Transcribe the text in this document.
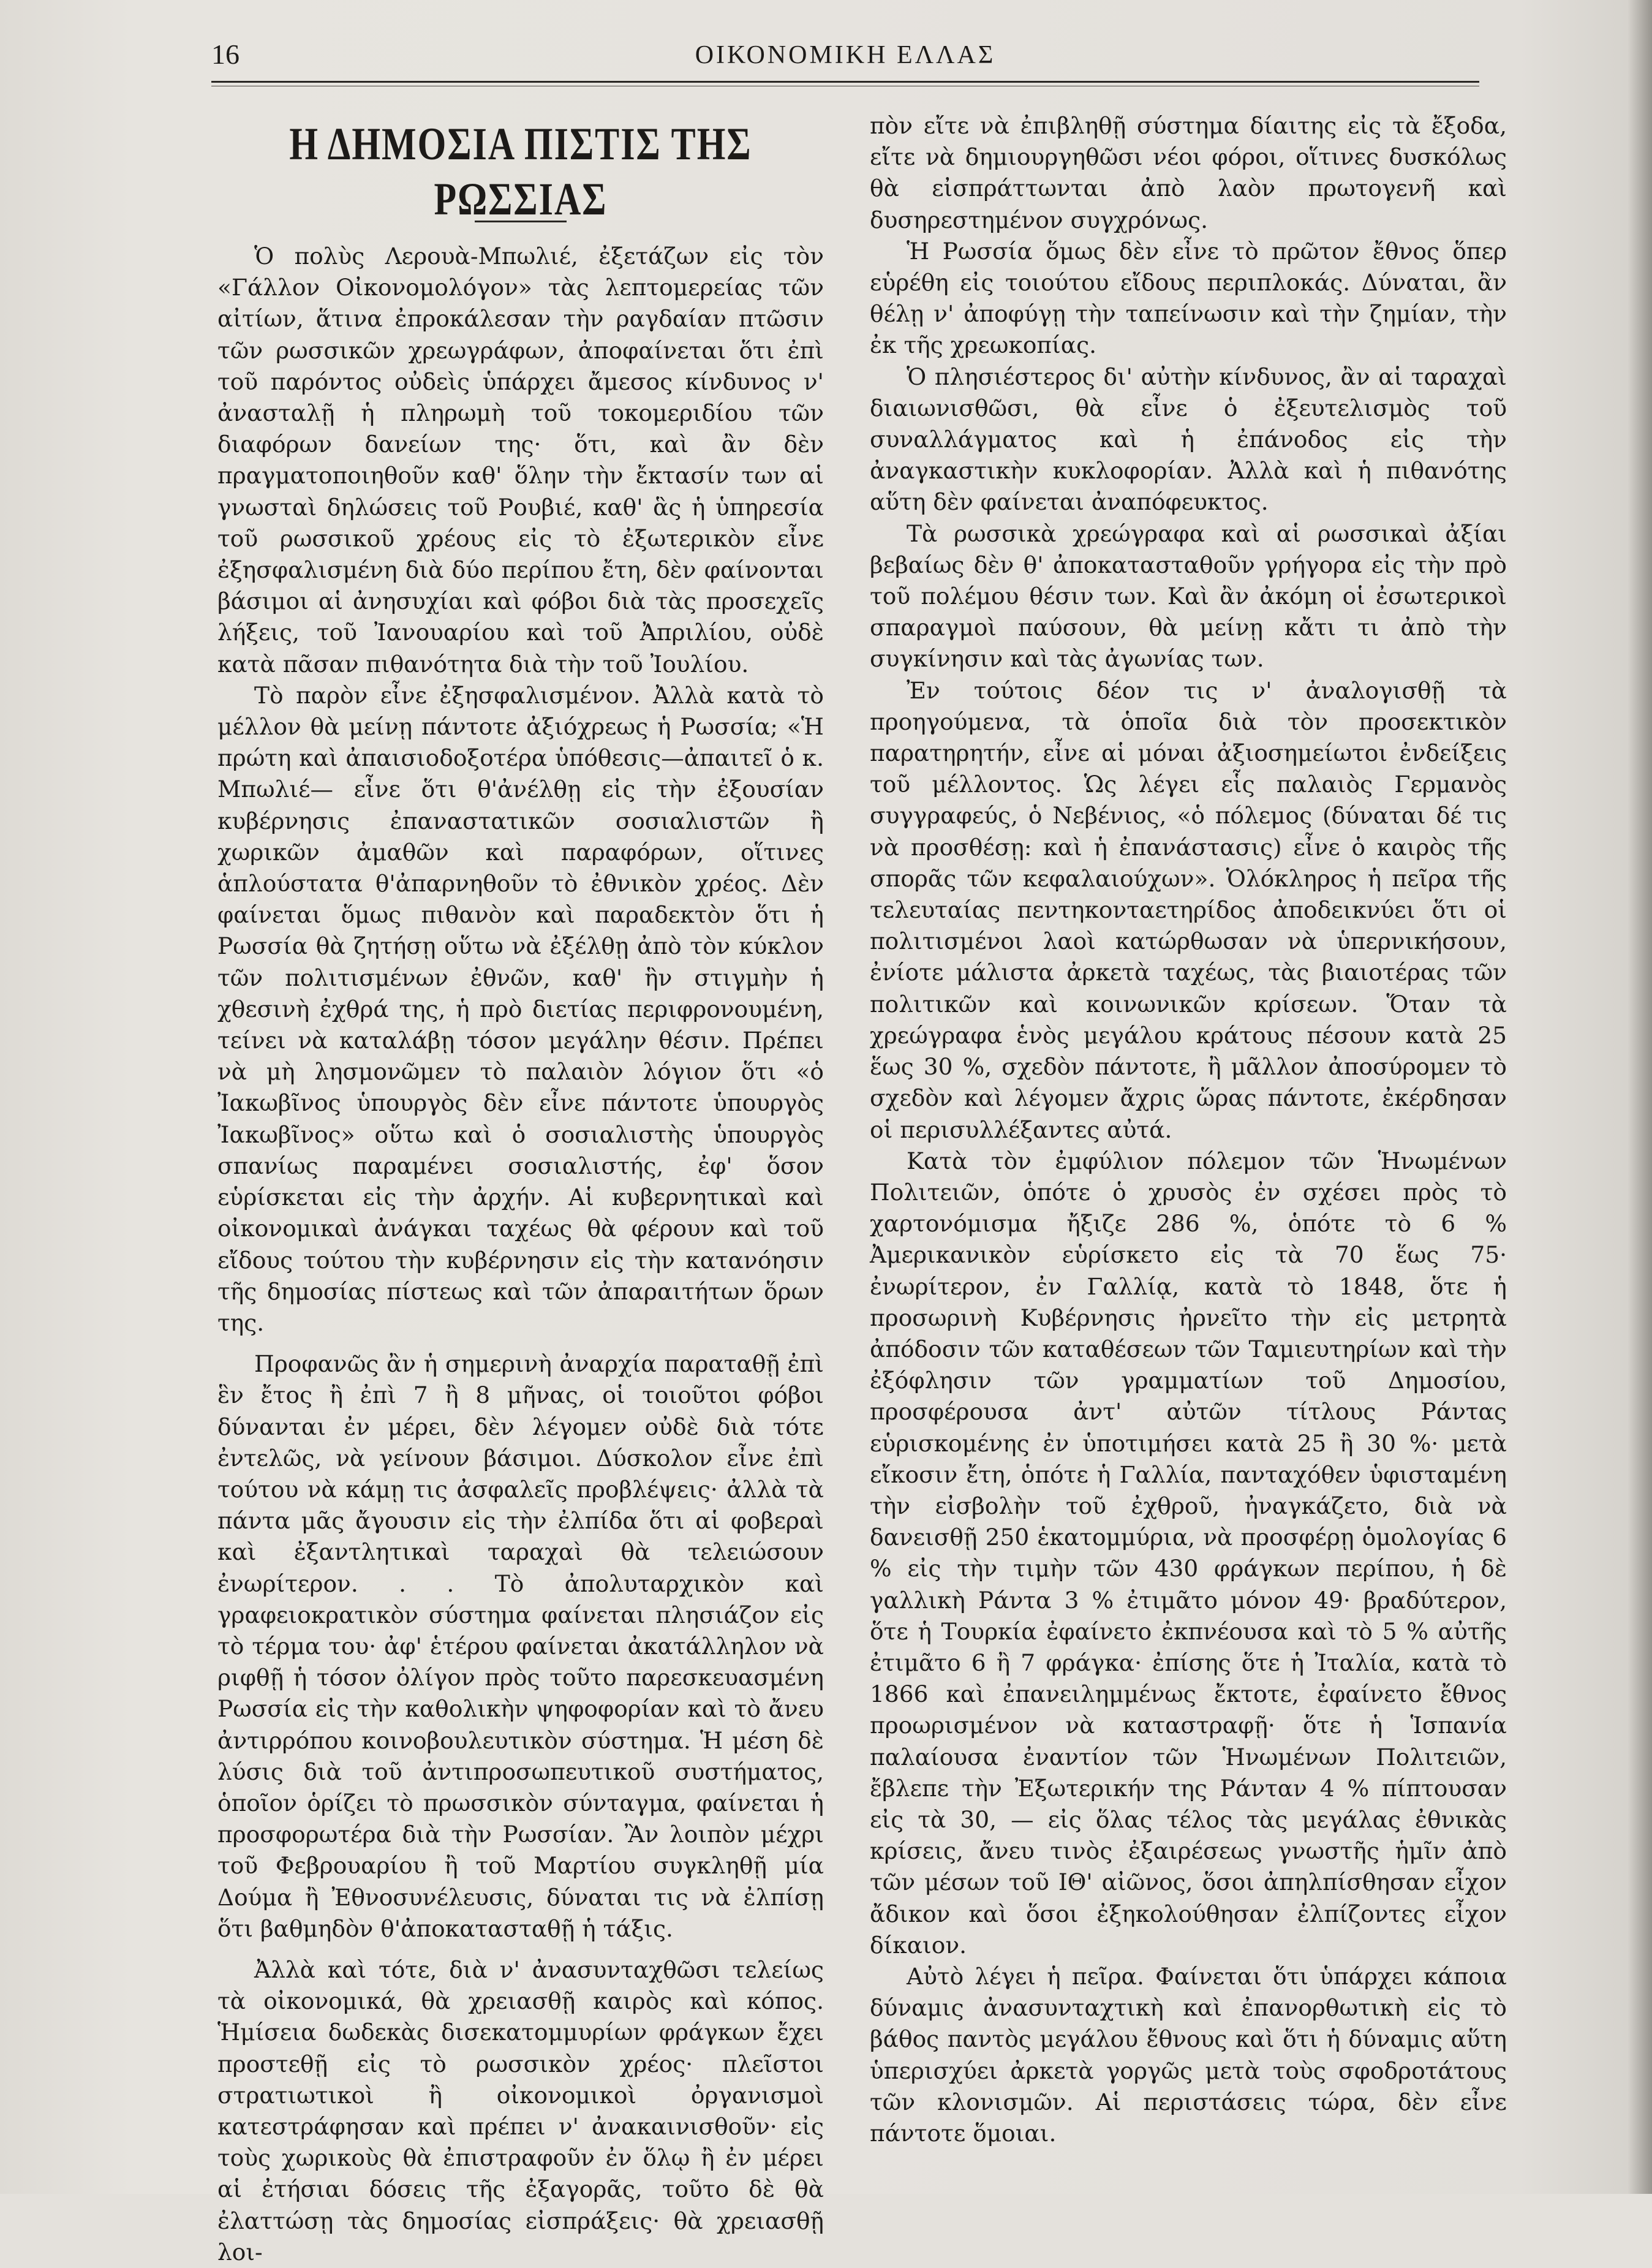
16	ΟΙΚΟΝΟΜΙΚΗ ΕΛΛΑΣ
Η ΔΗΜΟΣΙΑ ΠΙΣΤΙΣ ΤΗΣ ΡΩΣΣΙΑΣ

Ὁ πολὺς Λερουὰ-Μπωλιέ, ἐξετάζων εἰς τὸν «Γάλλον Οἰκονομολόγον» τὰς λεπτομερείας τῶν αἰτίων, ἅτινα ἐπροκάλεσαν τὴν ραγδαίαν πτῶσιν τῶν ρωσσικῶν χρεωγράφων, ἀποφαίνεται ὅτι ἐπὶ τοῦ παρόντος οὐδεὶς ὑπάρχει ἄμεσος κίνδυνος ν' ἀνασταλῇ ἡ πληρωμὴ τοῦ τοκομεριδίου τῶν διαφόρων δανείων της· ὅτι, καὶ ἂν δὲν πραγματοποιηθοῦν καθ' ὅλην τὴν ἔκτασίν των αἱ γνωσταὶ δηλώσεις τοῦ Ρουβιέ, καθ' ἃς ἡ ὑπηρεσία τοῦ ρωσσικοῦ χρέους εἰς τὸ ἐξωτερικὸν εἶνε ἐξησφαλισμένη διὰ δύο περίπου ἔτη, δὲν φαίνονται βάσιμοι αἱ ἀνησυχίαι καὶ φόβοι διὰ τὰς προσεχεῖς λήξεις, τοῦ Ἰανουαρίου καὶ τοῦ Ἀπριλίου, οὐδὲ κατὰ πᾶσαν πιθανότητα διὰ τὴν τοῦ Ἰουλίου.

Τὸ παρὸν εἶνε ἐξησφαλισμένον. Ἀλλὰ κατὰ τὸ μέλλον θὰ μείνῃ πάντοτε ἀξιόχρεως ἡ Ρωσσία; «Ἡ πρώτη καὶ ἀπαισιοδοξοτέρα ὑπόθεσις—ἀπαιτεῖ ὁ κ. Μπωλιέ— εἶνε ὅτι θ'ἀνέλθῃ εἰς τὴν ἐξουσίαν κυβέρνησις ἐπαναστατικῶν σοσιαλιστῶν ἢ χωρικῶν ἀμαθῶν καὶ παραφόρων, οἵτινες ἁπλούστατα θ'ἀπαρνηθοῦν τὸ ἐθνικὸν χρέος. Δὲν φαίνεται ὅμως πιθανὸν καὶ παραδεκτὸν ὅτι ἡ Ρωσσία θὰ ζητήσῃ οὕτω νὰ ἐξέλθῃ ἀπὸ τὸν κύκλον τῶν πολιτισμένων ἐθνῶν, καθ' ἣν στιγμὴν ἡ χθεσινὴ ἐχθρά της, ἡ πρὸ διετίας περιφρονουμένη, τείνει νὰ καταλάβῃ τόσον μεγάλην θέσιν. Πρέπει νὰ μὴ λησμονῶμεν τὸ παλαιὸν λόγιον ὅτι «ὁ Ἰακωβῖνος ὑπουργὸς δὲν εἶνε πάντοτε ὑπουργὸς Ἰακωβῖνος» οὕτω καὶ ὁ σοσιαλιστὴς ὑπουργὸς σπανίως παραμένει σοσιαλιστής, ἐφ' ὅσον εὑρίσκεται εἰς τὴν ἀρχήν. Αἱ κυβερνητικαὶ καὶ οἰκονομικαὶ ἀνάγκαι ταχέως θὰ φέρουν καὶ τοῦ εἴδους τούτου τὴν κυβέρνησιν εἰς τὴν κατανόησιν τῆς δημοσίας πίστεως καὶ τῶν ἀπαραιτήτων ὅρων της.

Προφανῶς ἂν ἡ σημερινὴ ἀναρχία παραταθῇ ἐπὶ ἓν ἔτος ἢ ἐπὶ 7 ἢ 8 μῆνας, οἱ τοιοῦτοι φόβοι δύνανται ἐν μέρει, δὲν λέγομεν οὐδὲ διὰ τότε ἐντελῶς, νὰ γείνουν βάσιμοι. Δύσκολον εἶνε ἐπὶ τούτου νὰ κάμῃ τις ἀσφαλεῖς προβλέψεις· ἀλλὰ τὰ πάντα μᾶς ἄγουσιν εἰς τὴν ἐλπίδα ὅτι αἱ φοβεραὶ καὶ ἐξαντλητικαὶ ταραχαὶ θὰ τελειώσουν ἐνωρίτερον. . . Τὸ ἀπολυταρχικὸν καὶ γραφειοκρατικὸν σύστημα φαίνεται πλησιάζον εἰς τὸ τέρμα του· ἀφ' ἑτέρου φαίνεται ἀκατάλληλον νὰ ριφθῇ ἡ τόσον ὀλίγον πρὸς τοῦτο παρεσκευασμένη Ρωσσία εἰς τὴν καθολικὴν ψηφοφορίαν καὶ τὸ ἄνευ ἀντιρρόπου κοινοβουλευτικὸν σύστημα. Ἡ μέση δὲ λύσις διὰ τοῦ ἀντιπροσωπευτικοῦ συστήματος, ὁποῖον ὁρίζει τὸ πρωσσικὸν σύνταγμα, φαίνεται ἡ προσφορωτέρα διὰ τὴν Ρωσσίαν. Ἂν λοιπὸν μέχρι τοῦ Φεβρουαρίου ἢ τοῦ Μαρτίου συγκληθῇ μία Δούμα ἢ Ἐθνοσυνέλευσις, δύναται τις νὰ ἐλπίσῃ ὅτι βαθμηδὸν θ'ἀποκατασταθῇ ἡ τάξις.

Ἀλλὰ καὶ τότε, διὰ ν' ἀνασυνταχθῶσι τελείως τὰ οἰκονομικά, θὰ χρειασθῇ καιρὸς καὶ κόπος. Ἡμίσεια δωδεκὰς δισεκατομμυρίων φράγκων ἔχει προστεθῇ εἰς τὸ ρωσσικὸν χρέος· πλεῖστοι στρατιωτικοὶ ἢ οἰκονομικοὶ ὀργανισμοὶ κατεστράφησαν καὶ πρέπει ν' ἀνακαινισθοῦν· εἰς τοὺς χωρικοὺς θὰ ἐπιστραφοῦν ἐν ὅλῳ ἢ ἐν μέρει αἱ ἐτήσιαι δόσεις τῆς ἐξαγορᾶς, τοῦτο δὲ θὰ ἐλαττώσῃ τὰς δημοσίας εἰσπράξεις· θὰ χρειασθῇ λοι-

πὸν εἴτε νὰ ἐπιβληθῇ σύστημα δίαιτης εἰς τὰ ἔξοδα, εἴτε νὰ δημιουργηθῶσι νέοι φόροι, οἵτινες δυσκόλως θὰ εἰσπράττωνται ἀπὸ λαὸν πρωτογενῆ καὶ δυσηρεστημένον συγχρόνως.

Ἡ Ρωσσία ὅμως δὲν εἶνε τὸ πρῶτον ἔθνος ὅπερ εὑρέθη εἰς τοιούτου εἴδους περιπλοκάς. Δύναται, ἂν θέλῃ ν' ἀποφύγῃ τὴν ταπείνωσιν καὶ τὴν ζημίαν, τὴν ἐκ τῆς χρεωκοπίας.

Ὁ πλησιέστερος δι' αὐτὴν κίνδυνος, ἂν αἱ ταραχαὶ διαιωνισθῶσι, θὰ εἶνε ὁ ἐξευτελισμὸς τοῦ συναλλάγματος καὶ ἡ ἐπάνοδος εἰς τὴν ἀναγκαστικὴν κυκλοφορίαν. Ἀλλὰ καὶ ἡ πιθανότης αὕτη δὲν φαίνεται ἀναπόφευκτος.

Τὰ ρωσσικὰ χρεώγραφα καὶ αἱ ρωσσικαὶ ἀξίαι βεβαίως δὲν θ' ἀποκατασταθοῦν γρήγορα εἰς τὴν πρὸ τοῦ πολέμου θέσιν των. Καὶ ἂν ἀκόμη οἱ ἐσωτερικοὶ σπαραγμοὶ παύσουν, θὰ μείνῃ κἄτι τι ἀπὸ τὴν συγκίνησιν καὶ τὰς ἀγωνίας των.

Ἐν τούτοις δέον τις ν' ἀναλογισθῇ τὰ προηγούμενα, τὰ ὁποῖα διὰ τὸν προσεκτικὸν παρατηρητήν, εἶνε αἱ μόναι ἀξιοσημείωτοι ἐνδείξεις τοῦ μέλλοντος. Ὡς λέγει εἷς παλαιὸς Γερμανὸς συγγραφεύς, ὁ Νεβένιος, «ὁ πόλεμος (δύναται δέ τις νὰ προσθέσῃ: καὶ ἡ ἐπανάστασις) εἶνε ὁ καιρὸς τῆς σπορᾶς τῶν κεφαλαιούχων». Ὁλόκληρος ἡ πεῖρα τῆς τελευταίας πεντηκονταετηρίδος ἀποδεικνύει ὅτι οἱ πολιτισμένοι λαοὶ κατώρθωσαν νὰ ὑπερνικήσουν, ἐνίοτε μάλιστα ἀρκετὰ ταχέως, τὰς βιαιοτέρας τῶν πολιτικῶν καὶ κοινωνικῶν κρίσεων. Ὅταν τὰ χρεώγραφα ἑνὸς μεγάλου κράτους πέσουν κατὰ 25 ἕως 30 %, σχεδὸν πάντοτε, ἢ μᾶλλον ἀποσύρομεν τὸ σχεδὸν καὶ λέγομεν ἄχρις ὥρας πάντοτε, ἐκέρδησαν οἱ περισυλλέξαντες αὐτά.

Κατὰ τὸν ἐμφύλιον πόλεμον τῶν Ἡνωμένων Πολιτειῶν, ὁπότε ὁ χρυσὸς ἐν σχέσει πρὸς τὸ χαρτονόμισμα ἤξιζε 286 %, ὁπότε τὸ 6 % Ἀμερικανικὸν εὑρίσκετο εἰς τὰ 70 ἕως 75· ἐνωρίτερον, ἐν Γαλλίᾳ, κατὰ τὸ 1848, ὅτε ἡ προσωρινὴ Κυβέρνησις ἠρνεῖτο τὴν εἰς μετρητὰ ἀπόδοσιν τῶν καταθέσεων τῶν Ταμιευτηρίων καὶ τὴν ἐξόφλησιν τῶν γραμματίων τοῦ Δημοσίου, προσφέρουσα ἀντ' αὐτῶν τίτλους Ράντας εὑρισκομένης ἐν ὑποτιμήσει κατὰ 25 ἢ 30 %· μετὰ εἴκοσιν ἔτη, ὁπότε ἡ Γαλλία, πανταχόθεν ὑφισταμένη τὴν εἰσβολὴν τοῦ ἐχθροῦ, ἠναγκάζετο, διὰ νὰ δανεισθῇ 250 ἑκατομμύρια, νὰ προσφέρῃ ὁμολογίας 6 % εἰς τὴν τιμὴν τῶν 430 φράγκων περίπου, ἡ δὲ γαλλικὴ Ράντα 3 % ἐτιμᾶτο μόνον 49· βραδύτερον, ὅτε ἡ Τουρκία ἐφαίνετο ἐκπνέουσα καὶ τὸ 5 % αὐτῆς ἐτιμᾶτο 6 ἢ 7 φράγκα· ἐπίσης ὅτε ἡ Ἰταλία, κατὰ τὸ 1866 καὶ ἐπανειλημμένως ἔκτοτε, ἐφαίνετο ἔθνος προωρισμένον νὰ καταστραφῇ· ὅτε ἡ Ἱσπανία παλαίουσα ἐναντίον τῶν Ἡνωμένων Πολιτειῶν, ἔβλεπε τὴν Ἐξωτερικήν της Ράνταν 4 % πίπτουσαν εἰς τὰ 30, — εἰς ὅλας τέλος τὰς μεγάλας ἐθνικὰς κρίσεις, ἄνευ τινὸς ἐξαιρέσεως γνωστῆς ἡμῖν ἀπὸ τῶν μέσων τοῦ ΙΘ' αἰῶνος, ὅσοι ἀπηλπίσθησαν εἶχον ἄδικον καὶ ὅσοι ἐξηκολούθησαν ἐλπίζοντες εἶχον δίκαιον.

Αὐτὸ λέγει ἡ πεῖρα. Φαίνεται ὅτι ὑπάρχει κάποια δύναμις ἀνασυνταχτικὴ καὶ ἐπανορθωτικὴ εἰς τὸ βάθος παντὸς μεγάλου ἔθνους καὶ ὅτι ἡ δύναμις αὕτη ὑπερισχύει ἀρκετὰ γοργῶς μετὰ τοὺς σφοδροτάτους τῶν κλονισμῶν. Αἱ περιστάσεις τώρα, δὲν εἶνε πάντοτε ὅμοιαι.
